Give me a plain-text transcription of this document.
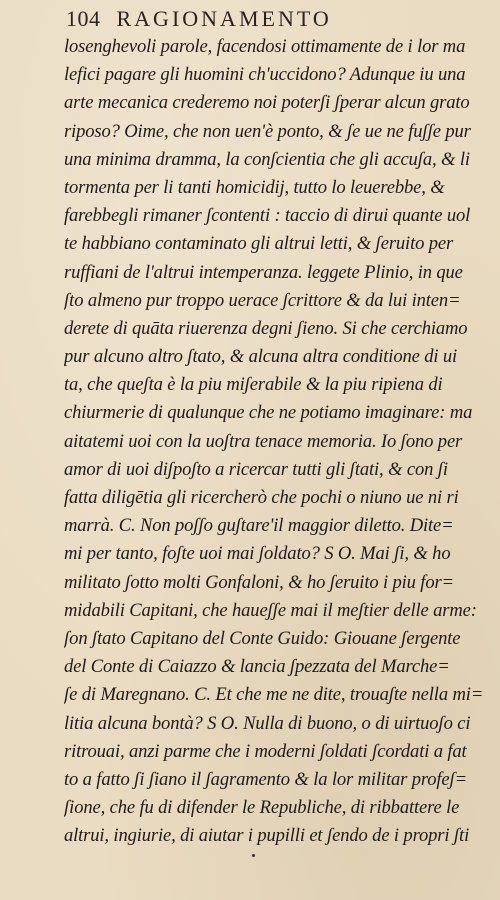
104 RAGIONAMENTO
losenghevoli parole, facendosi ottimamente de i lor ma
lefici pagare gli huomini ch'uccidono? Adunque iu una
arte mecanica crederemo noi poterʃi ʃperar alcun grato
riposo? Oime, che non uen'è ponto, & ʃe ue ne fuʃʃe pur
una minima dramma, la conʃcientia che gli accuʃa, & li
tormenta per li tanti homicidij, tutto lo leuerebbe, &
farebbegli rimaner ʃcontenti : taccio di dirui quante uol
te habbiano contaminato gli altrui letti, & ʃeruito per
ruffiani de l'altrui intemperanza. leggete Plinio, in que
ʃto almeno pur troppo uerace ʃcrittore & da lui inten=
derete di quāta riuerenza degni ʃieno. Si che cerchiamo
pur alcuno altro ʃtato, & alcuna altra conditione di ui
ta, che queʃta è la piu miʃerabile & la piu ripiena di
chiurmerie di qualunque che ne potiamo imaginare: ma
aitatemi uoi con la uoʃtra tenace memoria. Io ʃono per
amor di uoi diʃpoʃto a ricercar tutti gli ʃtati, & con ʃi
fatta diligētia gli ricercherò che pochi o niuno ue ni ri
marrà. C. Non poʃʃo guʃtare'il maggior diletto. Dite=
mi per tanto, foʃte uoi mai ʃoldato? S O. Mai ʃi, & ho
militato ʃotto molti Gonfaloni, & ho ʃeruito i piu for=
midabili Capitani, che haueʃʃe mai il meʃtier delle arme:
ʃon ʃtato Capitano del Conte Guido: Giouane ʃergente
del Conte di Caiazzo & lancia ʃpezzata del Marche=
ʃe di Maregnano. C. Et che me ne dite, trouaʃte nella mi=
litia alcuna bontà? S O. Nulla di buono, o di uirtuoʃo ci
ritrouai, anzi parme che i moderni ʃoldati ʃcordati a fat
to a fatto ʃi ʃiano il ʃagramento & la lor militar profeʃ=
ʃione, che fu di difender le Republiche, di ribbattere le
altrui, ingiurie, di aiutar i pupilli et ʃendo de i propri ʃti
